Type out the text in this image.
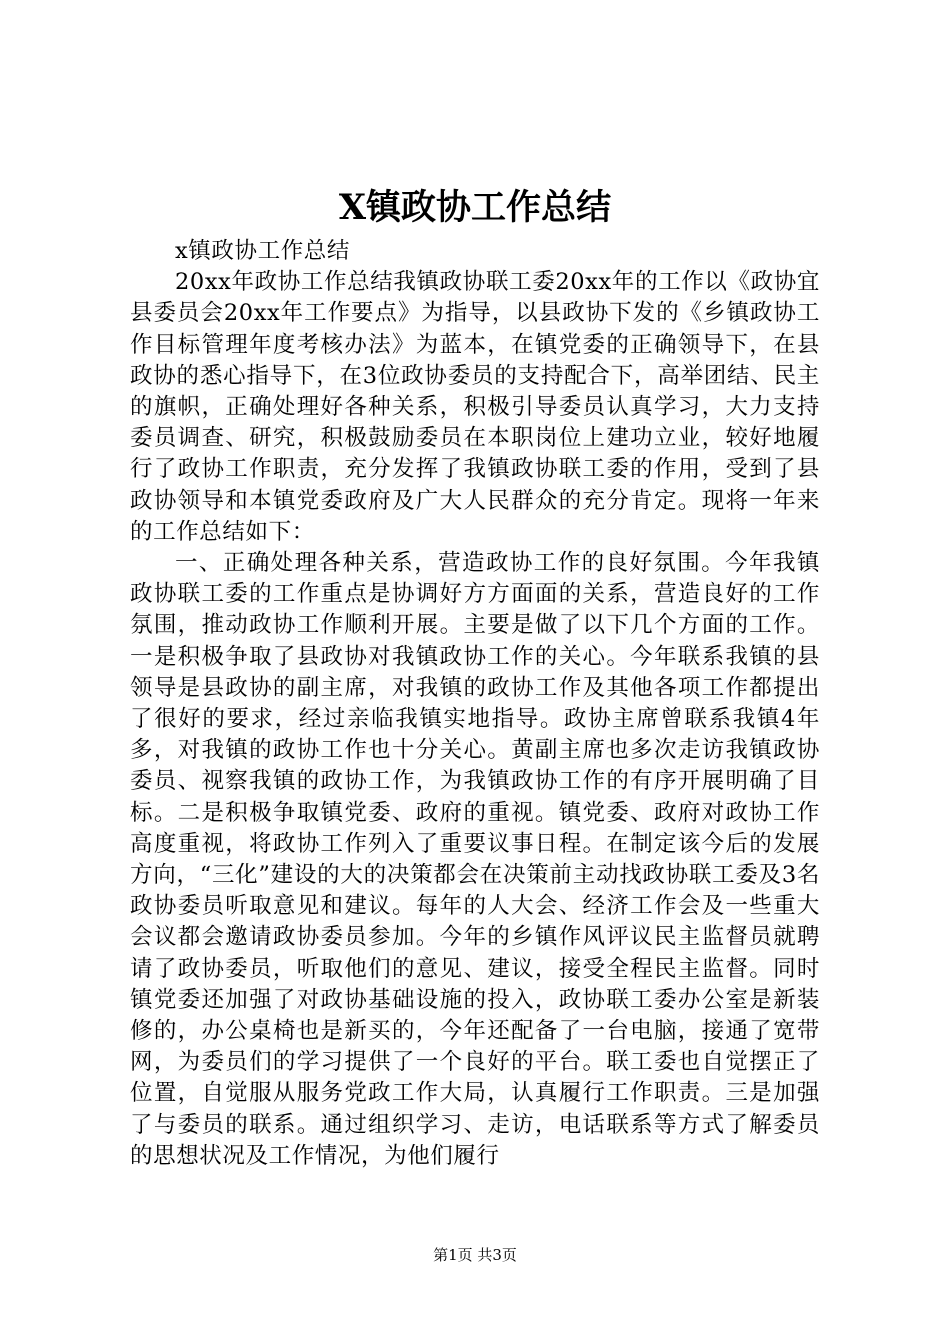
X镇政协工作总结

x镇政协工作总结

20xx年政协工作总结我镇政协联工委20xx年的工作以《政协宜县委员会20xx年工作要点》为指导，以县政协下发的《乡镇政协工作目标管理年度考核办法》为蓝本，在镇党委的正确领导下，在县政协的悉心指导下，在3位政协委员的支持配合下，高举团结、民主的旗帜，正确处理好各种关系，积极引导委员认真学习，大力支持委员调查、研究，积极鼓励委员在本职岗位上建功立业，较好地履行了政协工作职责，充分发挥了我镇政协联工委的作用，受到了县政协领导和本镇党委政府及广大人民群众的充分肯定。现将一年来的工作总结如下：

一、正确处理各种关系，营造政协工作的良好氛围。今年我镇政协联工委的工作重点是协调好方方面面的关系，营造良好的工作氛围，推动政协工作顺利开展。主要是做了以下几个方面的工作。一是积极争取了县政协对我镇政协工作的关心。今年联系我镇的县领导是县政协的副主席，对我镇的政协工作及其他各项工作都提出了很好的要求，经过亲临我镇实地指导。政协主席曾联系我镇4年多，对我镇的政协工作也十分关心。黄副主席也多次走访我镇政协委员、视察我镇的政协工作，为我镇政协工作的有序开展明确了目标。二是积极争取镇党委、政府的重视。镇党委、政府对政协工作高度重视，将政协工作列入了重要议事日程。在制定该今后的发展方向，“三化”建设的大的决策都会在决策前主动找政协联工委及3名政协委员听取意见和建议。每年的人大会、经济工作会及一些重大会议都会邀请政协委员参加。今年的乡镇作风评议民主监督员就聘请了政协委员，听取他们的意见、建议，接受全程民主监督。同时镇党委还加强了对政协基础设施的投入，政协联工委办公室是新装修的，办公桌椅也是新买的，今年还配备了一台电脑，接通了宽带网，为委员们的学习提供了一个良好的平台。联工委也自觉摆正了位置，自觉服从服务党政工作大局，认真履行工作职责。三是加强了与委员的联系。通过组织学习、走访，电话联系等方式了解委员的思想状况及工作情况，为他们履行

第1页 共3页
